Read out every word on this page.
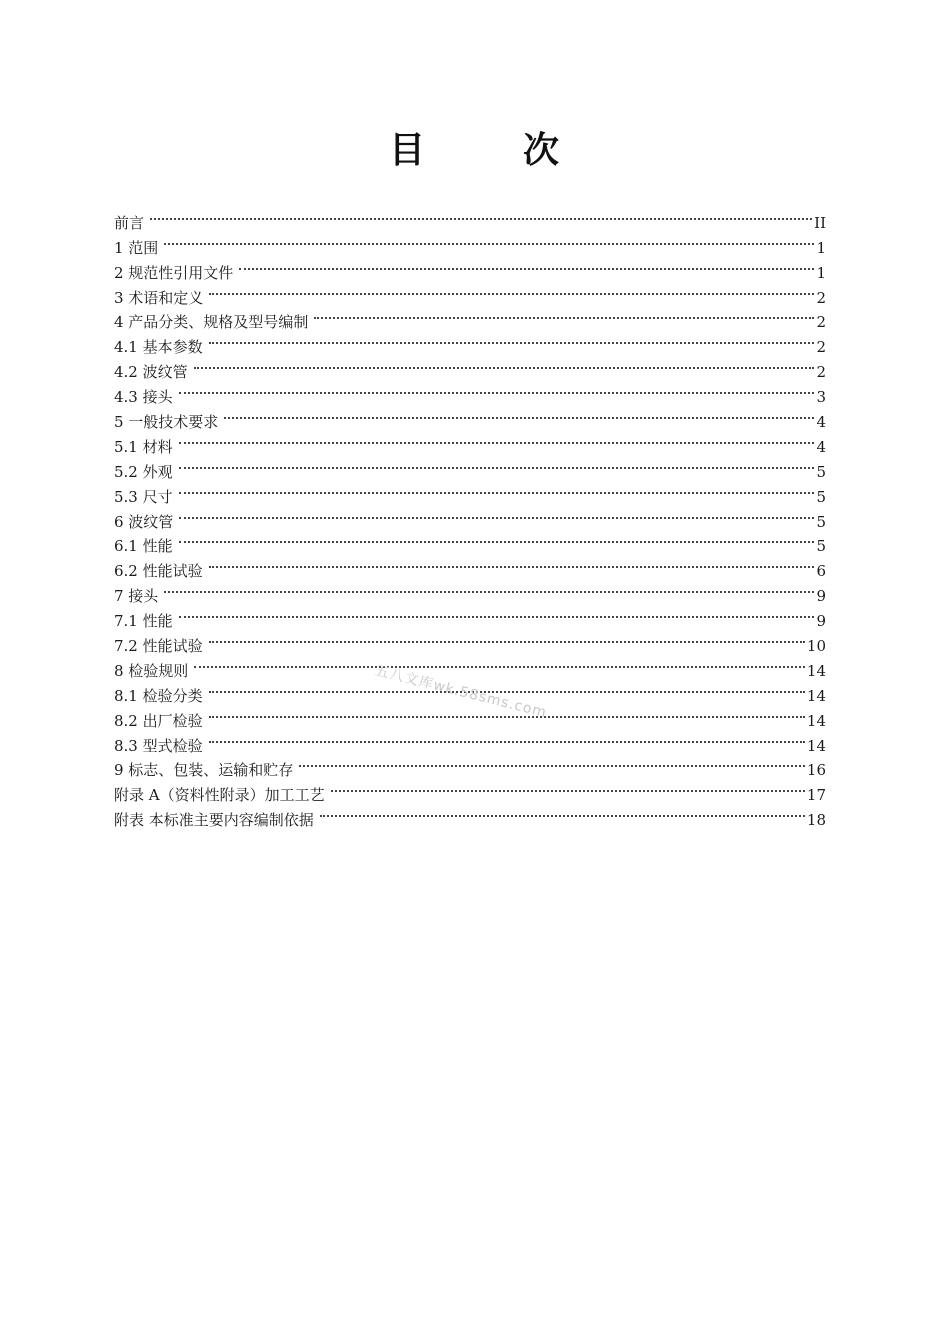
目	次
前言	II
1 范围	1
2 规范性引用文件	1
3 术语和定义	2
4 产品分类、规格及型号编制	2
4.1 基本参数	2
4.2 波纹管	2
4.3 接头	3
5 一般技术要求	4
5.1 材料	4
5.2 外观	5
5.3 尺寸	5
6 波纹管	5
6.1 性能	5
6.2 性能试验	6
7 接头	9
7.1 性能	9
7.2 性能试验	10
8 检验规则	14
8.1 检验分类	14
8.2 出厂检验	14
8.3 型式检验	14
9 标志、包装、运输和贮存	16
附录 A（资料性附录）加工工艺	17
附表 本标准主要内容编制依据	18
五八文库wk.58sms.com
